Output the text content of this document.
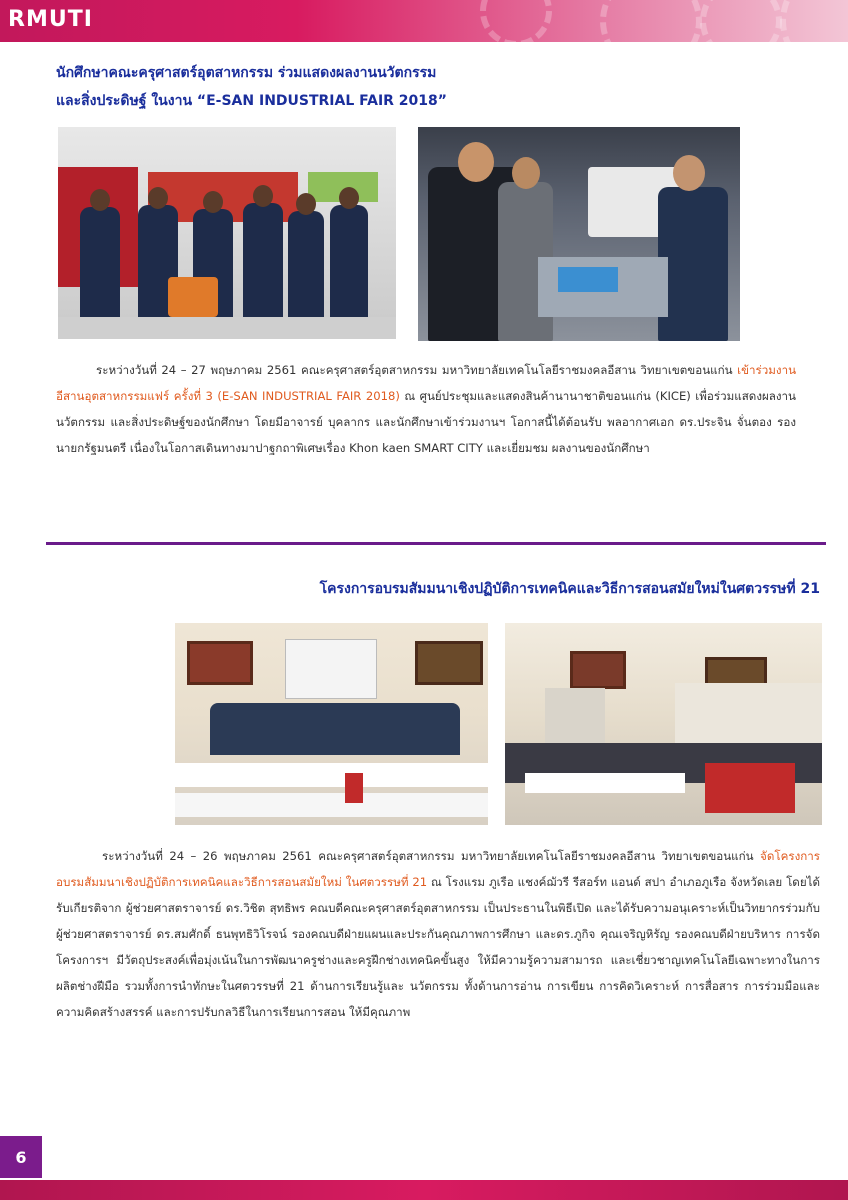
RMUTI
นักศึกษาคณะครุศาสตร์อุตสาหกรรม ร่วมแสดงผลงานนวัตกรรม
และสิ่งประดิษฐ์ ในงาน “E-SAN INDUSTRIAL FAIR 2018”

ระหว่างวันที่ 24 – 27 พฤษภาคม 2561 คณะครุศาสตร์อุตสาหกรรม มหาวิทยาลัยเทคโนโลยีราชมงคลอีสาน วิทยาเขตขอนแก่น เข้าร่วมงานอีสานอุตสาหกรรมแฟร์ ครั้งที่ 3 (E-SAN INDUSTRIAL FAIR 2018) ณ ศูนย์ประชุมและแสดงสินค้านานาชาติขอนแก่น (KICE) เพื่อร่วมแสดงผลงานนวัตกรรม และสิ่งประดิษฐ์ของนักศึกษา โดยมีอาจารย์ บุคลากร และนักศึกษาเข้าร่วมงานฯ โอกาสนี้ได้ต้อนรับ พลอากาศเอก ดร.ประจิน จั่นตอง รองนายกรัฐมนตรี เนื่องในโอกาสเดินทางมาปาฐกถาพิเศษเรื่อง Khon kaen SMART CITY และเยี่ยมชม ผลงานของนักศึกษา

โครงการอบรมสัมมนาเชิงปฏิบัติการเทคนิคและวิธีการสอนสมัยใหม่ในศตวรรษที่ 21

ระหว่างวันที่ 24 – 26 พฤษภาคม 2561 คณะครุศาสตร์อุตสาหกรรม มหาวิทยาลัยเทคโนโลยีราชมงคลอีสาน วิทยาเขตขอนแก่น จัดโครงการอบรมสัมมนาเชิงปฏิบัติการเทคนิคและวิธีการสอนสมัยใหม่ ในศตวรรษที่ 21 ณ โรงแรม ภูเรือ แชงค์ฌัวรี รีสอร์ท แอนด์ สปา อำเภอภูเรือ จังหวัดเลย โดยได้รับเกียรติจาก ผู้ช่วยศาสตราจารย์ ดร.วิชิต สุทธิพร คณบดีคณะครุศาสตร์อุตสาหกรรม เป็นประธานในพิธีเปิด และได้รับความอนุเคราะห์เป็นวิทยากรร่วมกับผู้ช่วยศาสตราจารย์ ดร.สมศักดิ์ ธนพุทธิวิโรจน์ รองคณบดีฝ่ายแผนและประกันคุณภาพการศึกษา และดร.ภูกิจ คุณเจริญหิรัญ รองคณบดีฝ่ายบริหาร การจัดโครงการฯ มีวัตถุประสงค์เพื่อมุ่งเน้นในการพัฒนาครูช่างและครูฝึกช่างเทคนิคขั้นสูง ให้มีความรู้ความสามารถ และเชี่ยวชาญเทคโนโลยีเฉพาะทางในการผลิตช่างฝีมือ รวมทั้งการนำทักษะในศตวรรษที่ 21 ด้านการเรียนรู้และ นวัตกรรม ทั้งด้านการอ่าน การเขียน การคิดวิเคราะห์ การสื่อสาร การร่วมมือและความคิดสร้างสรรค์ และการปรับกลวิธีในการเรียนการสอน ให้มีคุณภาพ

6
